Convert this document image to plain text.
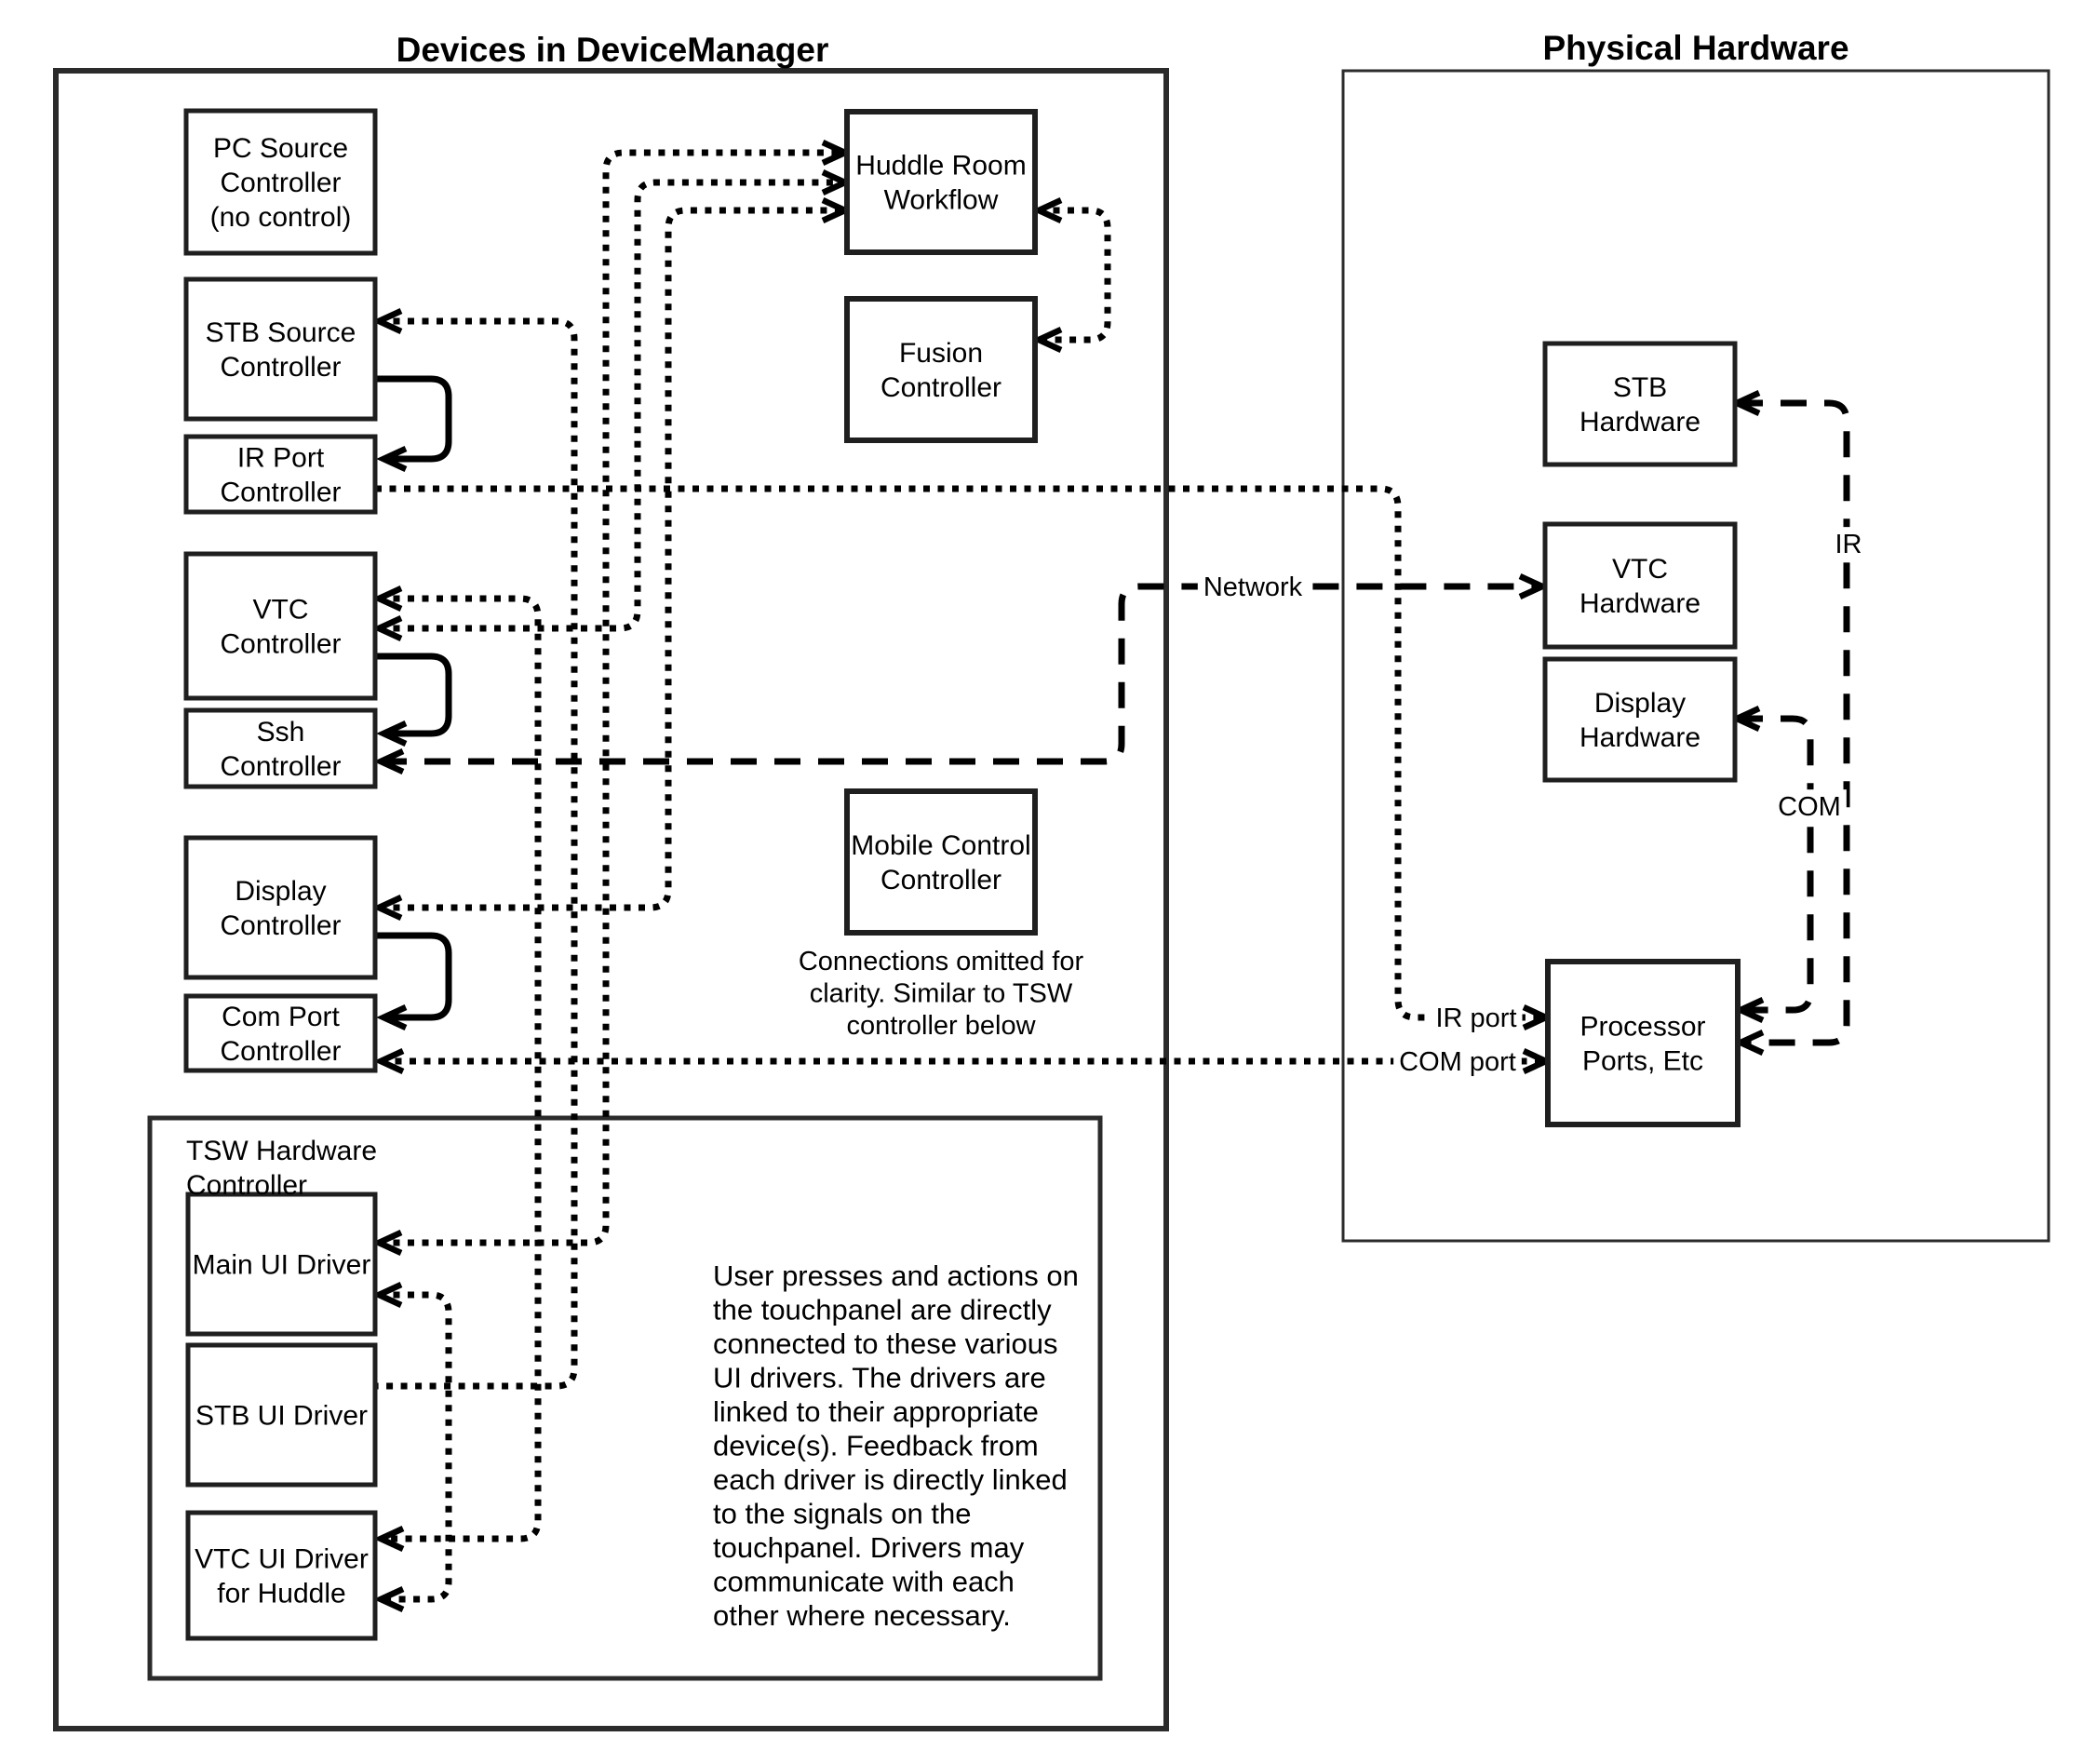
PC Source
Controller
(no control)
STB Source
Controller
IR Port
Controller
VTC
Controller
Ssh
Controller
Display
Controller
Com Port
Controller
Main UI Driver
STB UI Driver
VTC UI Driver
for Huddle
Huddle Room
Workflow
Fusion
Controller
Mobile Control
Controller
STB
Hardware
VTC
Hardware
Display
Hardware
Processor
Ports, Etc
TSW Hardware
Controller
Connections omitted for
clarity. Similar to TSW
controller below
User presses and actions on
the touchpanel are directly
connected to these various
UI drivers. The drivers are
linked to their appropriate
device(s). Feedback from
each driver is directly linked
to the signals on the
touchpanel. Drivers may
communicate with each
other where necessary.
Devices in DeviceManager	Physical Hardware
Network
IR
COM
IR port
COM port
